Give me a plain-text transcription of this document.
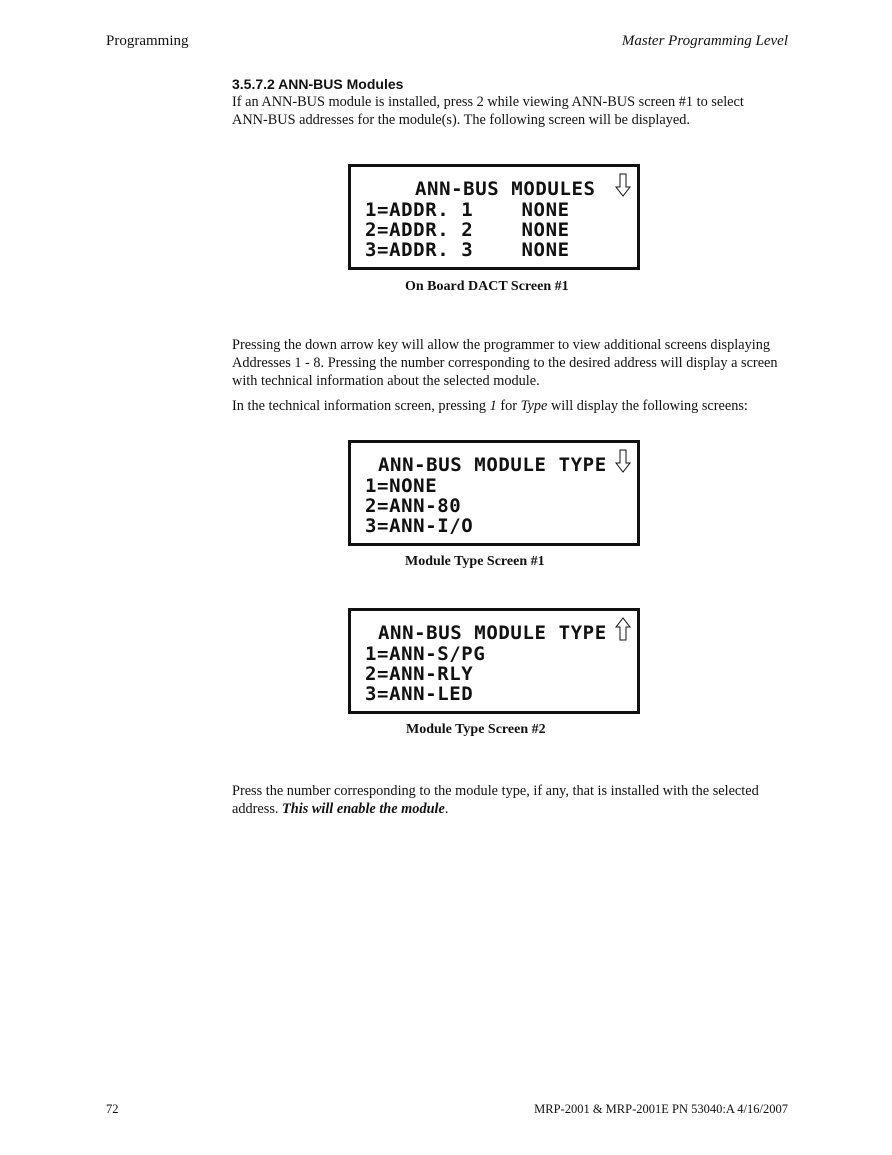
Programming	Master Programming Level
3.5.7.2 ANN-BUS Modules
If an ANN-BUS module is installed, press 2 while viewing ANN-BUS screen #1 to select
ANN-BUS addresses for the module(s). The following screen will be displayed.
ANN-BUS MODULES
1=ADDR. 1    NONE
2=ADDR. 2    NONE
3=ADDR. 3    NONE
On Board DACT Screen #1
Pressing the down arrow key will allow the programmer to view additional screens displaying
Addresses 1 - 8. Pressing the number corresponding to the desired address will display a screen
with technical information about the selected module.
In the technical information screen, pressing 1 for Type will display the following screens:
ANN-BUS MODULE TYPE
1=NONE
2=ANN-80
3=ANN-I/O
Module Type Screen #1
ANN-BUS MODULE TYPE
1=ANN-S/PG
2=ANN-RLY
3=ANN-LED
Module Type Screen #2
Press the number corresponding to the module type, if any, that is installed with the selected
address. This will enable the module.
72	MRP-2001 & MRP-2001E PN 53040:A 4/16/2007
